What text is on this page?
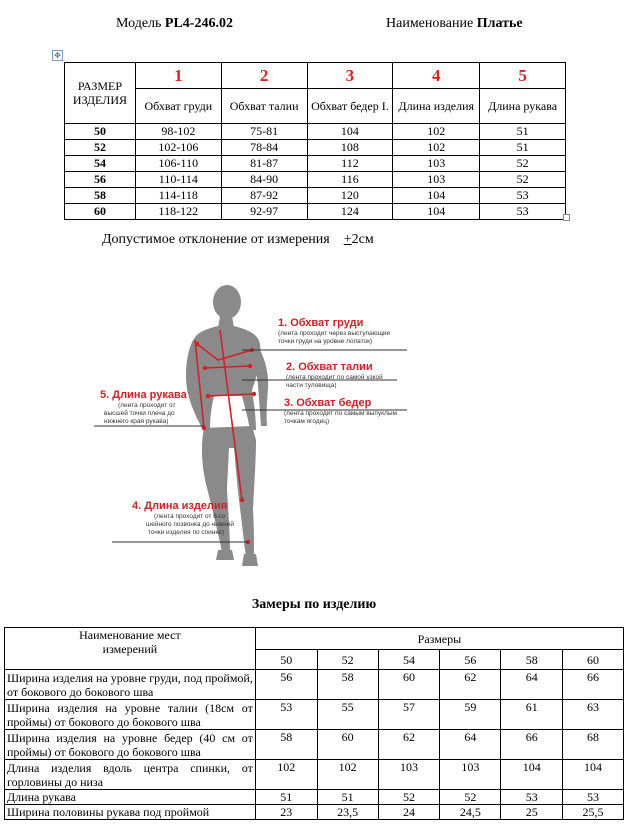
Модель PL4-246.02	Наименование Платье
✥
РАЗМЕР ИЗДЕЛИЯ	1	2	3	4	5
	Обхват груди	Обхват талии	Обхват бедер I.	Длина изделия	Длина рукава
50	98-102	75-81	104	102	51
52	102-106	78-84	108	102	51
54	106-110	81-87	112	103	52
56	110-114	84-90	116	103	52
58	114-118	87-92	120	104	53
60	118-122	92-97	124	104	53
Допустимое отклонение от измерения +2см
1. Обхват груди
(лента проходит через выступающие
точки груди на уровне лопаток)
2. Обхват талии
(лента проходит по самой узкой
части туловища)
3. Обхват бедер
(лента проходит по самым выпуклым
точкам ягодиц)
4. Длина изделия
(лента проходит от 6-го
шейного позвонка до нижней
точки изделия по спинке)
5. Длина рукава
(лента проходит от
высшей точки плеча до
нижнего края рукава)
Замеры по изделию
Наименование мест измерений	Размеры					
	50	52	54	56	58	60
Ширина изделия на уровне груди, под проймой, от бокового до бокового шва	56	58	60	62	64	66
Ширина изделия на уровне талии (18см от проймы) от бокового до бокового шва	53	55	57	59	61	63
Ширина изделия на уровне бедер (40 см от проймы) от бокового до бокового шва	58	60	62	64	66	68
Длина изделия вдоль центра спинки, от горловины до низа	102	102	103	103	104	104
Длина рукава	51	51	52	52	53	53
Ширина половины рукава под проймой	23	23,5	24	24,5	25	25,5
